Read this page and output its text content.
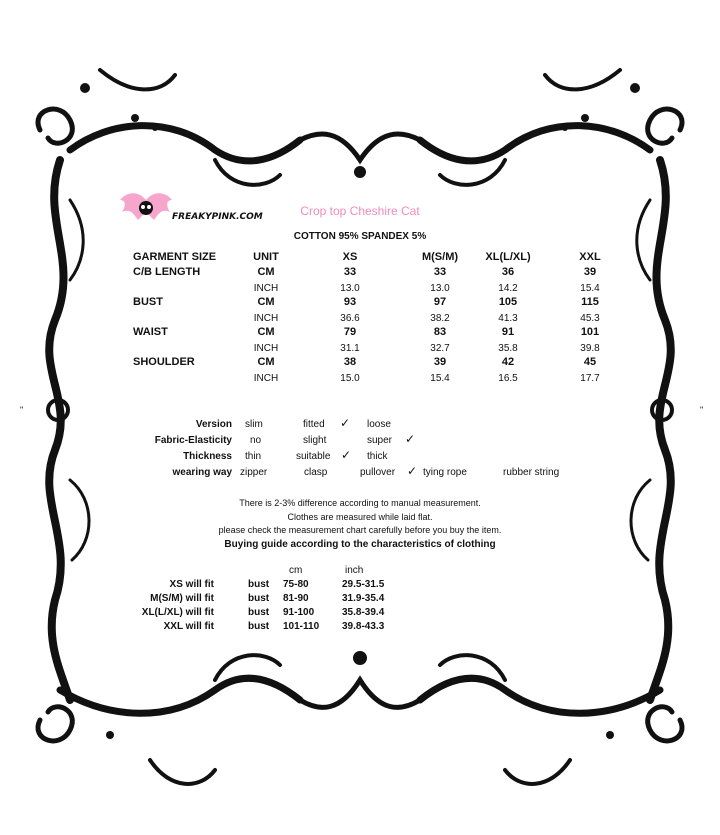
"	"
FREAKYPINK.COM	Crop top Cheshire Cat
COTTON 95% SPANDEX 5%
GARMENT SIZE	UNIT	XS	M(S/M)	XL(L/XL)	XXL
C/B LENGTH	CM	33	33	36	39
INCH	13.0	13.0	14.2	15.4
BUST	CM	93	97	105	115
INCH	36.6	38.2	41.3	45.3
WAIST	CM	79	83	91	101
INCH	31.1	32.7	35.8	39.8
SHOULDER	CM	38	39	42	45
INCH	15.0	15.4	16.5	17.7
Version slim	fitted ✓ loose
Fabric-Elasticity no	slight	super ✓
Thickness thin	suitable ✓ thick
wearing way zipper	clasp	pullover ✓ tying rope	rubber string
There is 2-3% difference according to manual measurement.
Clothes are measured while laid flat.
please check the measurement chart carefully before you buy the item.
Buying guide according to the characteristics of clothing
cm	inch
XS will fit	bust 75-80	29.5-31.5
M(S/M) will fit	bust 81-90	31.9-35.4
XL(L/XL) will fit	bust 91-100	35.8-39.4
XXL will fit	bust 101-110 39.8-43.3
